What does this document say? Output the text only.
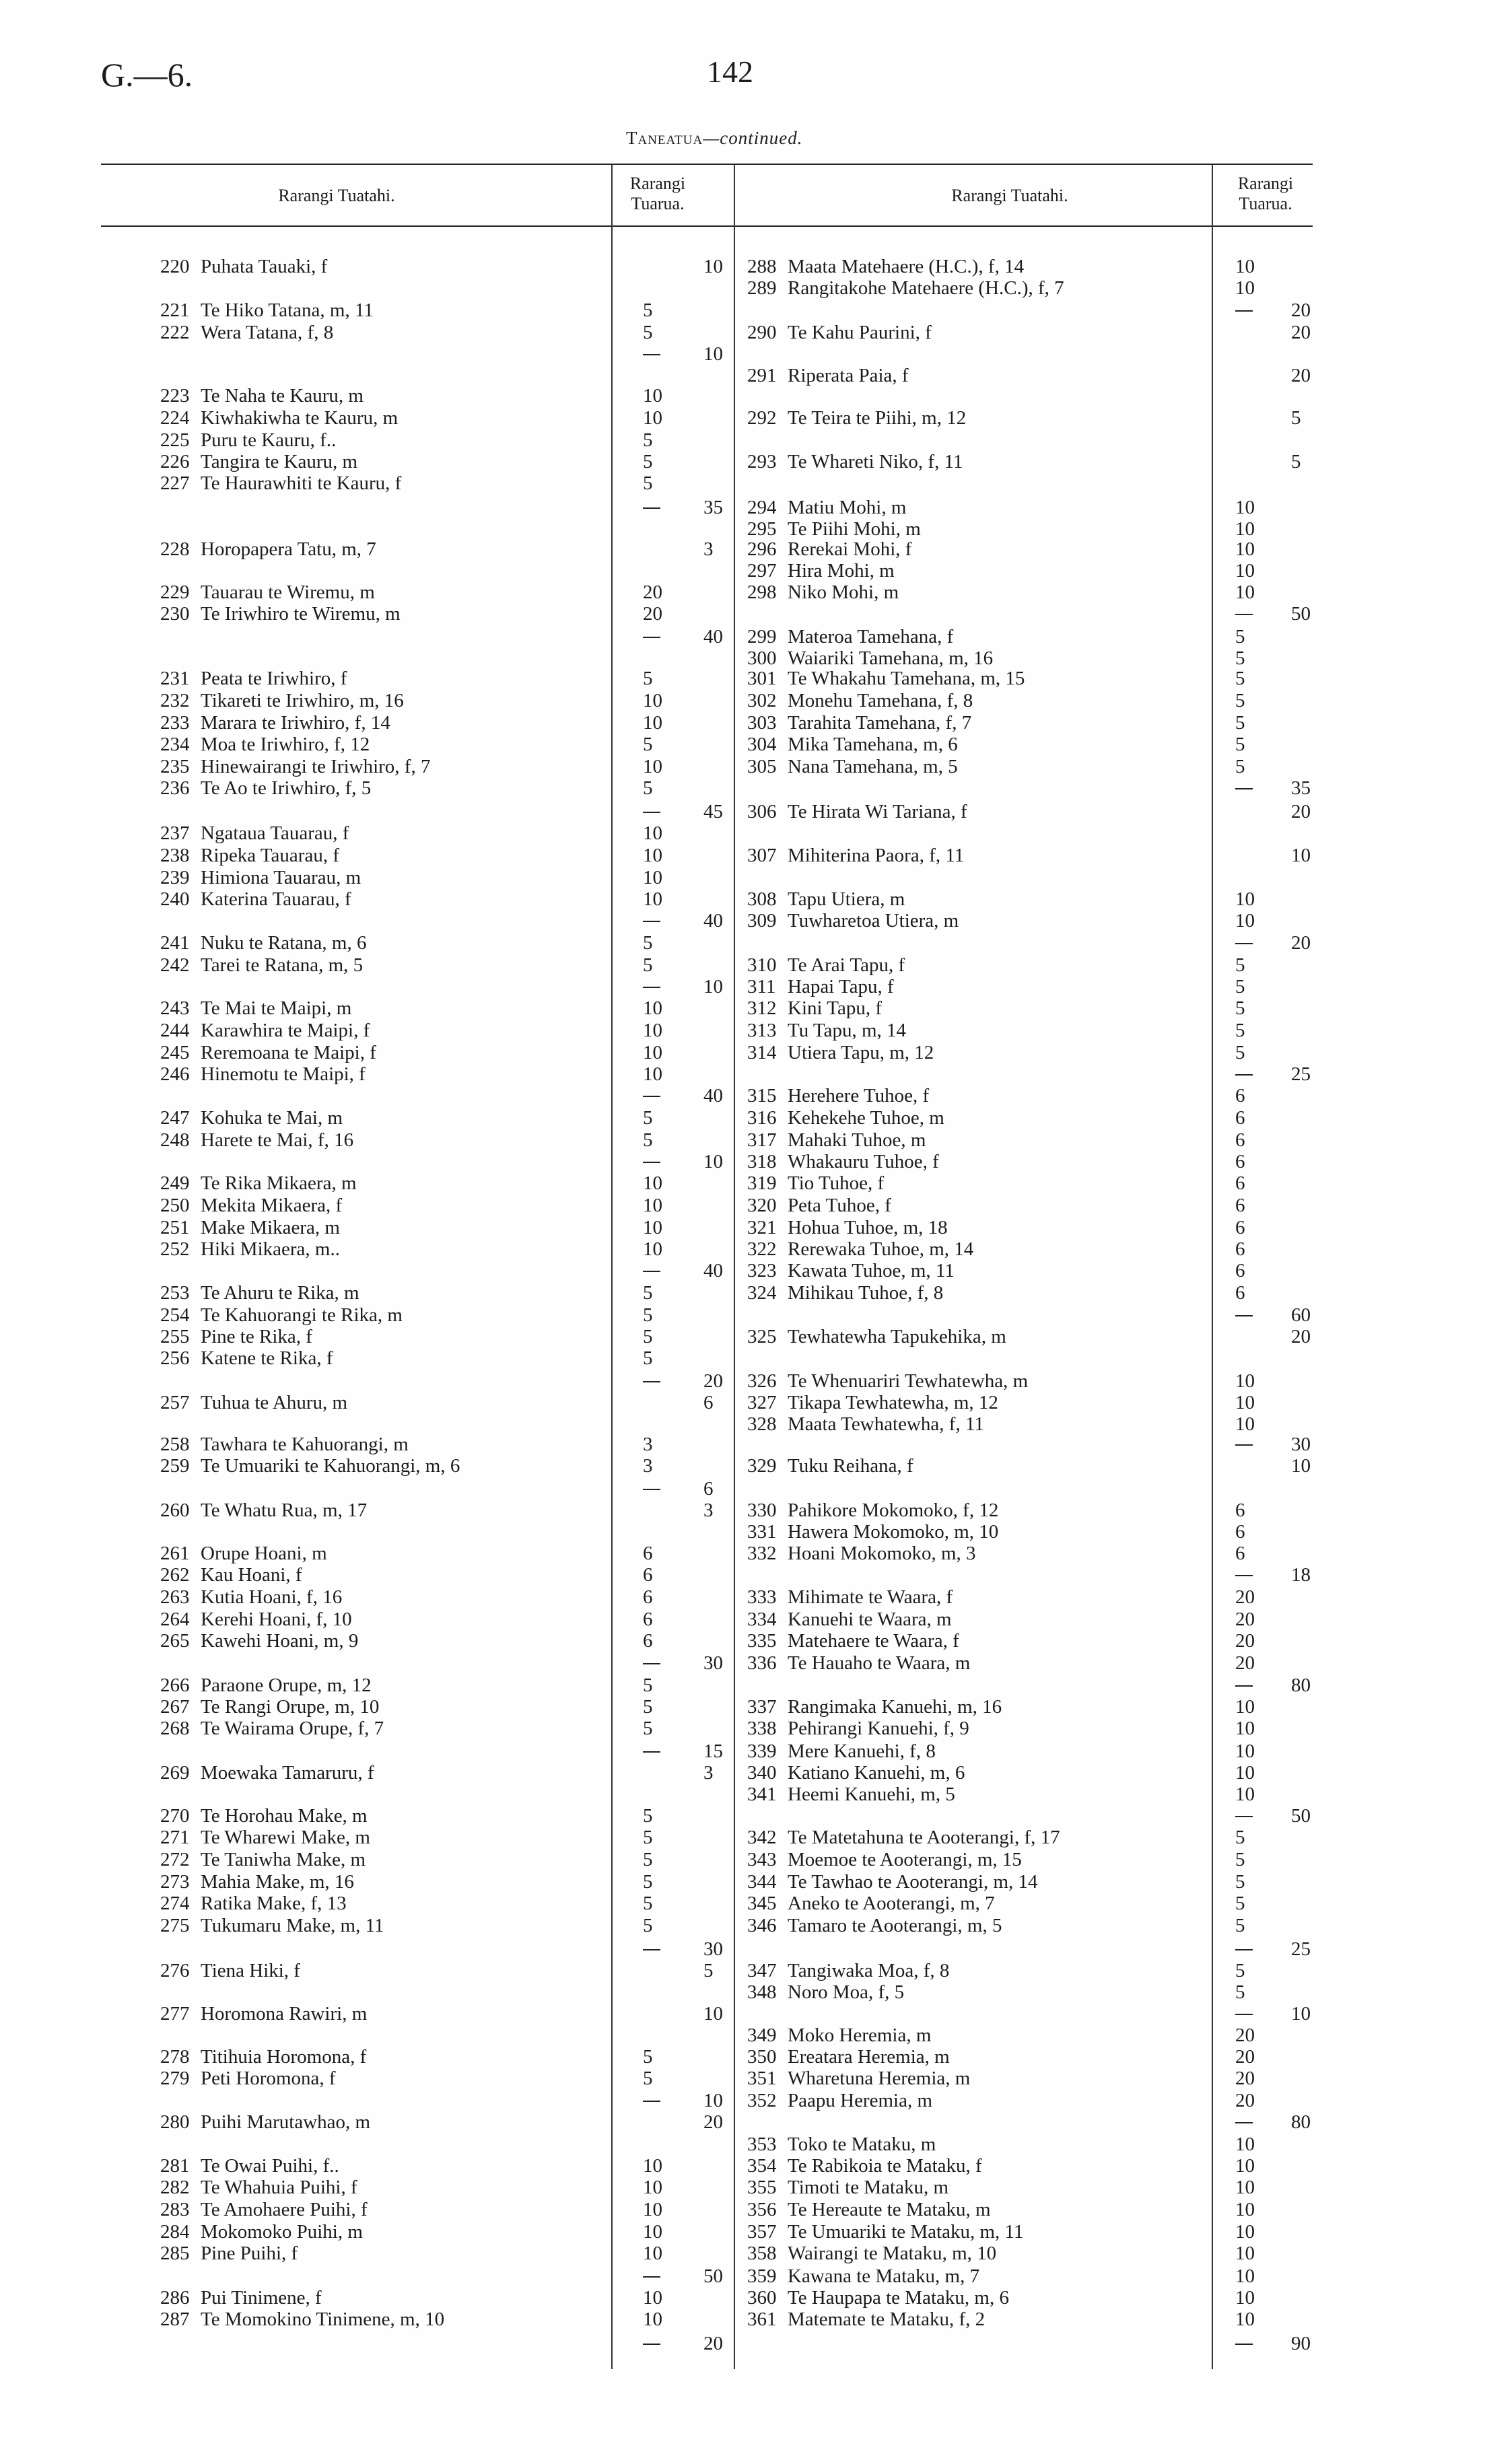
G.—6.	142
Taneatua—continued.
Rarangi Tuatahi.
Rarangi
Tuarua.	Rarangi Tuatahi.
Rarangi
Tuarua.
220 Puhata Tauaki, f	10
221 Te Hiko Tatana, m, 11	5
222 Wera Tatana, f, 8	5
10
223 Te Naha te Kauru, m	10
224 Kiwhakiwha te Kauru, m	10
225 Puru te Kauru, f..	5
226 Tangira te Kauru, m	5
227 Te Haurawhiti te Kauru, f	5
35
228 Horopapera Tatu, m, 7	3
229 Tauarau te Wiremu, m	20
230 Te Iriwhiro te Wiremu, m	20
40
231 Peata te Iriwhiro, f	5
232 Tikareti te Iriwhiro, m, 16	10
233 Marara te Iriwhiro, f, 14	10
234 Moa te Iriwhiro, f, 12	5
235 Hinewairangi te Iriwhiro, f, 7	10
236 Te Ao te Iriwhiro, f, 5	5
45
237 Ngataua Tauarau, f	10
238 Ripeka Tauarau, f	10
239 Himiona Tauarau, m	10
240 Katerina Tauarau, f	10
40
241 Nuku te Ratana, m, 6	5
242 Tarei te Ratana, m, 5	5
10
243 Te Mai te Maipi, m	10
244 Karawhira te Maipi, f	10
245 Reremoana te Maipi, f	10
246 Hinemotu te Maipi, f	10
40
247 Kohuka te Mai, m	5
248 Harete te Mai, f, 16	5
10
249 Te Rika Mikaera, m	10
250 Mekita Mikaera, f	10
251 Make Mikaera, m	10
252 Hiki Mikaera, m..	10
40
253 Te Ahuru te Rika, m	5
254 Te Kahuorangi te Rika, m	5
255 Pine te Rika, f	5
256 Katene te Rika, f	5
20
257 Tuhua te Ahuru, m	6
258 Tawhara te Kahuorangi, m	3
259 Te Umuariki te Kahuorangi, m, 6	3
6
260 Te Whatu Rua, m, 17	3
261 Orupe Hoani, m	6
262 Kau Hoani, f	6
263 Kutia Hoani, f, 16	6
264 Kerehi Hoani, f, 10	6
265 Kawehi Hoani, m, 9	6
30
266 Paraone Orupe, m, 12	5
267 Te Rangi Orupe, m, 10	5
268 Te Wairama Orupe, f, 7	5
15
269 Moewaka Tamaruru, f	3
270 Te Horohau Make, m	5
271 Te Wharewi Make, m	5
272 Te Taniwha Make, m	5
273 Mahia Make, m, 16	5
274 Ratika Make, f, 13	5
275 Tukumaru Make, m, 11	5
30
276 Tiena Hiki, f	5
277 Horomona Rawiri, m	10
278 Titihuia Horomona, f	5
279 Peti Horomona, f	5
10
280 Puihi Marutawhao, m	20
281 Te Owai Puihi, f..	10
282 Te Whahuia Puihi, f	10
283 Te Amohaere Puihi, f	10
284 Mokomoko Puihi, m	10
285 Pine Puihi, f	10
50
286 Pui Tinimene, f	10
287 Te Momokino Tinimene, m, 10	10
20
288 Maata Matehaere (H.C.), f, 14	10
289 Rangitakohe Matehaere (H.C.), f, 7	10
20
290 Te Kahu Paurini, f	20
291 Riperata Paia, f	20
292 Te Teira te Piihi, m, 12	5
293 Te Whareti Niko, f, 11	5
294 Matiu Mohi, m	10
295 Te Piihi Mohi, m	10
296 Rerekai Mohi, f	10
297 Hira Mohi, m	10
298 Niko Mohi, m	10
50
299 Materoa Tamehana, f	5
300 Waiariki Tamehana, m, 16	5
301 Te Whakahu Tamehana, m, 15	5
302 Monehu Tamehana, f, 8	5
303 Tarahita Tamehana, f, 7	5
304 Mika Tamehana, m, 6	5
305 Nana Tamehana, m, 5	5
35
306 Te Hirata Wi Tariana, f	20
307 Mihiterina Paora, f, 11	10
308 Tapu Utiera, m	10
309 Tuwharetoa Utiera, m	10
20
310 Te Arai Tapu, f	5
311 Hapai Tapu, f	5
312 Kini Tapu, f	5
313 Tu Tapu, m, 14	5
314 Utiera Tapu, m, 12	5
25
315 Herehere Tuhoe, f	6
316 Kehekehe Tuhoe, m	6
317 Mahaki Tuhoe, m	6
318 Whakauru Tuhoe, f	6
319 Tio Tuhoe, f	6
320 Peta Tuhoe, f	6
321 Hohua Tuhoe, m, 18	6
322 Rerewaka Tuhoe, m, 14	6
323 Kawata Tuhoe, m, 11	6
324 Mihikau Tuhoe, f, 8	6
60
325 Tewhatewha Tapukehika, m	20
326 Te Whenuariri Tewhatewha, m	10
327 Tikapa Tewhatewha, m, 12	10
328 Maata Tewhatewha, f, 11	10
30
329 Tuku Reihana, f	10
330 Pahikore Mokomoko, f, 12	6
331 Hawera Mokomoko, m, 10	6
332 Hoani Mokomoko, m, 3	6
18
333 Mihimate te Waara, f	20
334 Kanuehi te Waara, m	20
335 Matehaere te Waara, f	20
336 Te Hauaho te Waara, m	20
80
337 Rangimaka Kanuehi, m, 16	10
338 Pehirangi Kanuehi, f, 9	10
339 Mere Kanuehi, f, 8	10
340 Katiano Kanuehi, m, 6	10
341 Heemi Kanuehi, m, 5	10
50
342 Te Matetahuna te Aooterangi, f, 17	5
343 Moemoe te Aooterangi, m, 15	5
344 Te Tawhao te Aooterangi, m, 14	5
345 Aneko te Aooterangi, m, 7	5
346 Tamaro te Aooterangi, m, 5	5
25
347 Tangiwaka Moa, f, 8	5
348 Noro Moa, f, 5	5
10
349 Moko Heremia, m	20
350 Ereatara Heremia, m	20
351 Wharetuna Heremia, m	20
352 Paapu Heremia, m	20
80
353 Toko te Mataku, m	10
354 Te Rabikoia te Mataku, f	10
355 Timoti te Mataku, m	10
356 Te Hereaute te Mataku, m	10
357 Te Umuariki te Mataku, m, 11	10
358 Wairangi te Mataku, m, 10	10
359 Kawana te Mataku, m, 7	10
360 Te Haupapa te Mataku, m, 6	10
361 Matemate te Mataku, f, 2	10
90
